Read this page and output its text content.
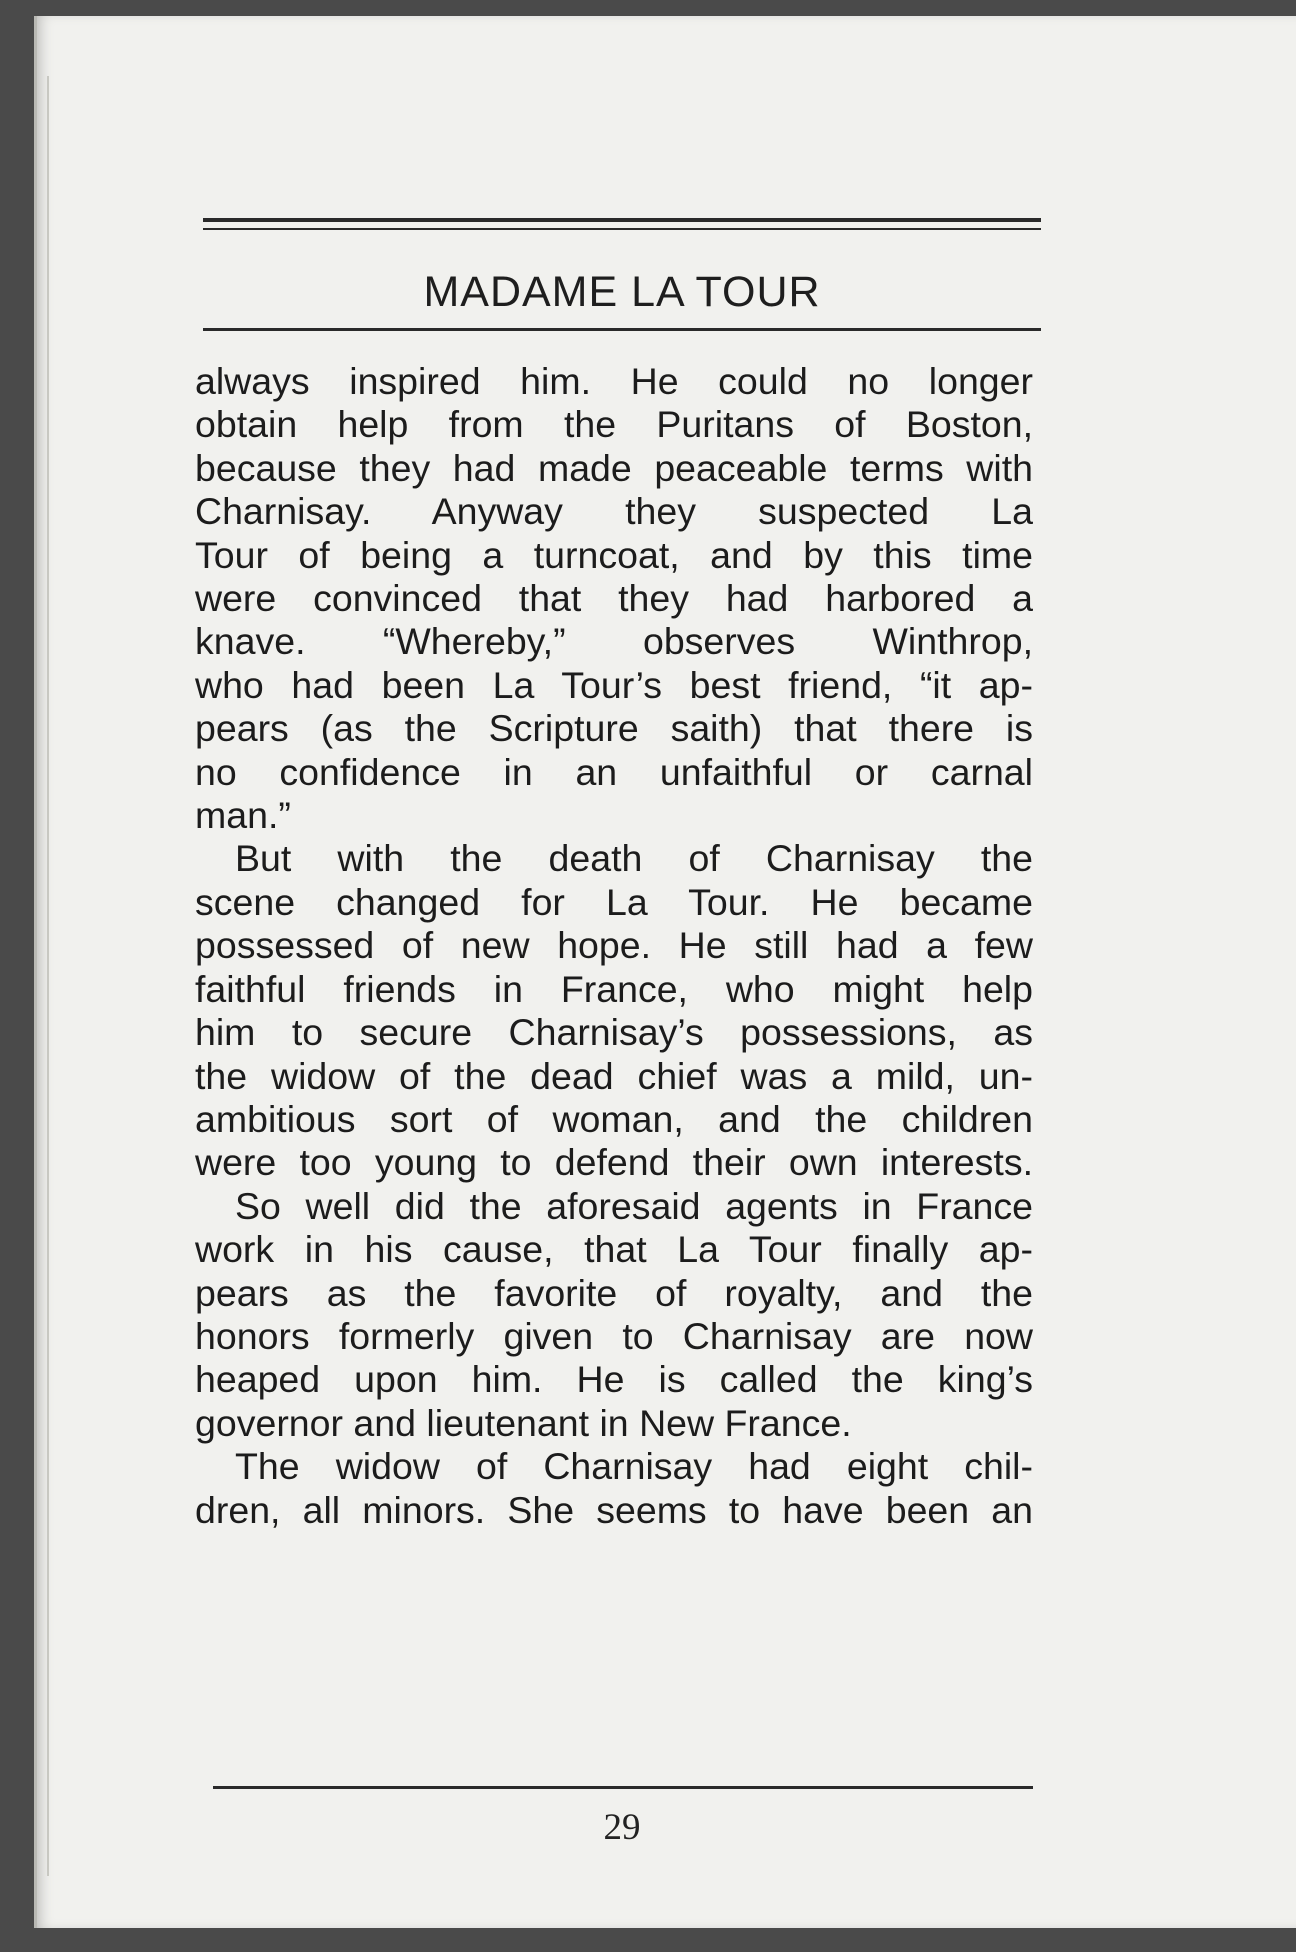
MADAME LA TOUR
always inspired him. He could no longer
obtain help from the Puritans of Boston,
because they had made peaceable terms with
Charnisay. Anyway they suspected La
Tour of being a turncoat, and by this time
were convinced that they had harbored a
knave. “Whereby,” observes Winthrop,
who had been La Tour’s best friend, “it ap-
pears (as the Scripture saith) that there is
no confidence in an unfaithful or carnal
man.”
But with the death of Charnisay the
scene changed for La Tour. He became
possessed of new hope. He still had a few
faithful friends in France, who might help
him to secure Charnisay’s possessions, as
the widow of the dead chief was a mild, un-
ambitious sort of woman, and the children
were too young to defend their own interests.
So well did the aforesaid agents in France
work in his cause, that La Tour finally ap-
pears as the favorite of royalty, and the
honors formerly given to Charnisay are now
heaped upon him. He is called the king’s
governor and lieutenant in New France.
The widow of Charnisay had eight chil-
dren, all minors. She seems to have been an
29
